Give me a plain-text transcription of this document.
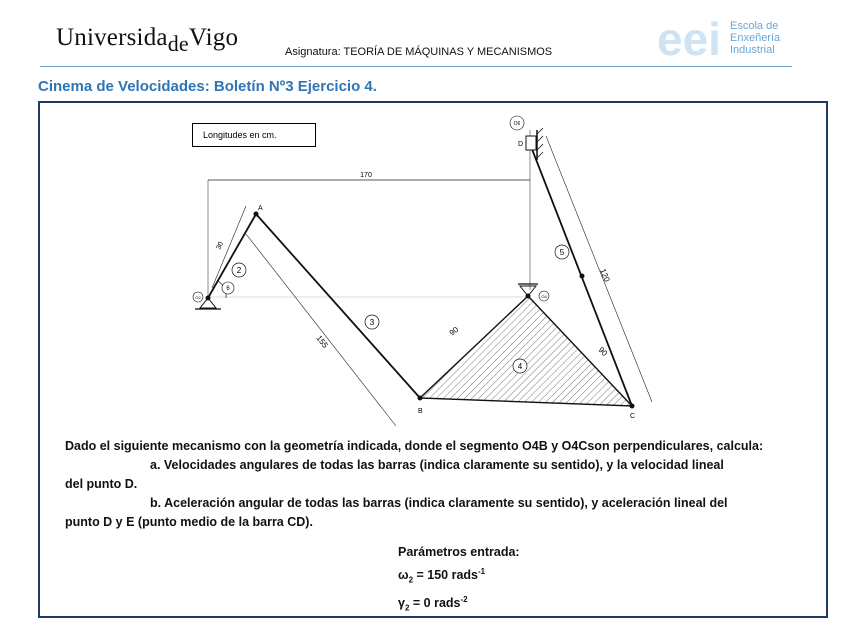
UniversidadeVigo
Asignatura: TEORÍA DE MÁQUINAS Y MECANISMOS eei Escola de
Enxeñería
Industrial
Cinema de Velocidades: Boletín Nº3 Ejercicio 4.
170
30
155
90
90
120
A
B
C
D
O2	O4
O6
2
3
4
5
6
Longitudes en cm.

Dado el siguiente mecanismo con la geometría indicada, donde el segmento O4B y O4Cson perpendiculares, calcula:

a. Velocidades angulares de todas las barras (indica claramente su sentido), y la velocidad lineal

del punto D.

b. Aceleración angular de todas las barras (indica claramente su sentido), y aceleración lineal del

punto D y E (punto medio de la barra CD).

Parámetros entrada:
$\omega_2 = 150$ rads$^{-1}$
$\gamma_2 = 0$ rads$^{-2}$
